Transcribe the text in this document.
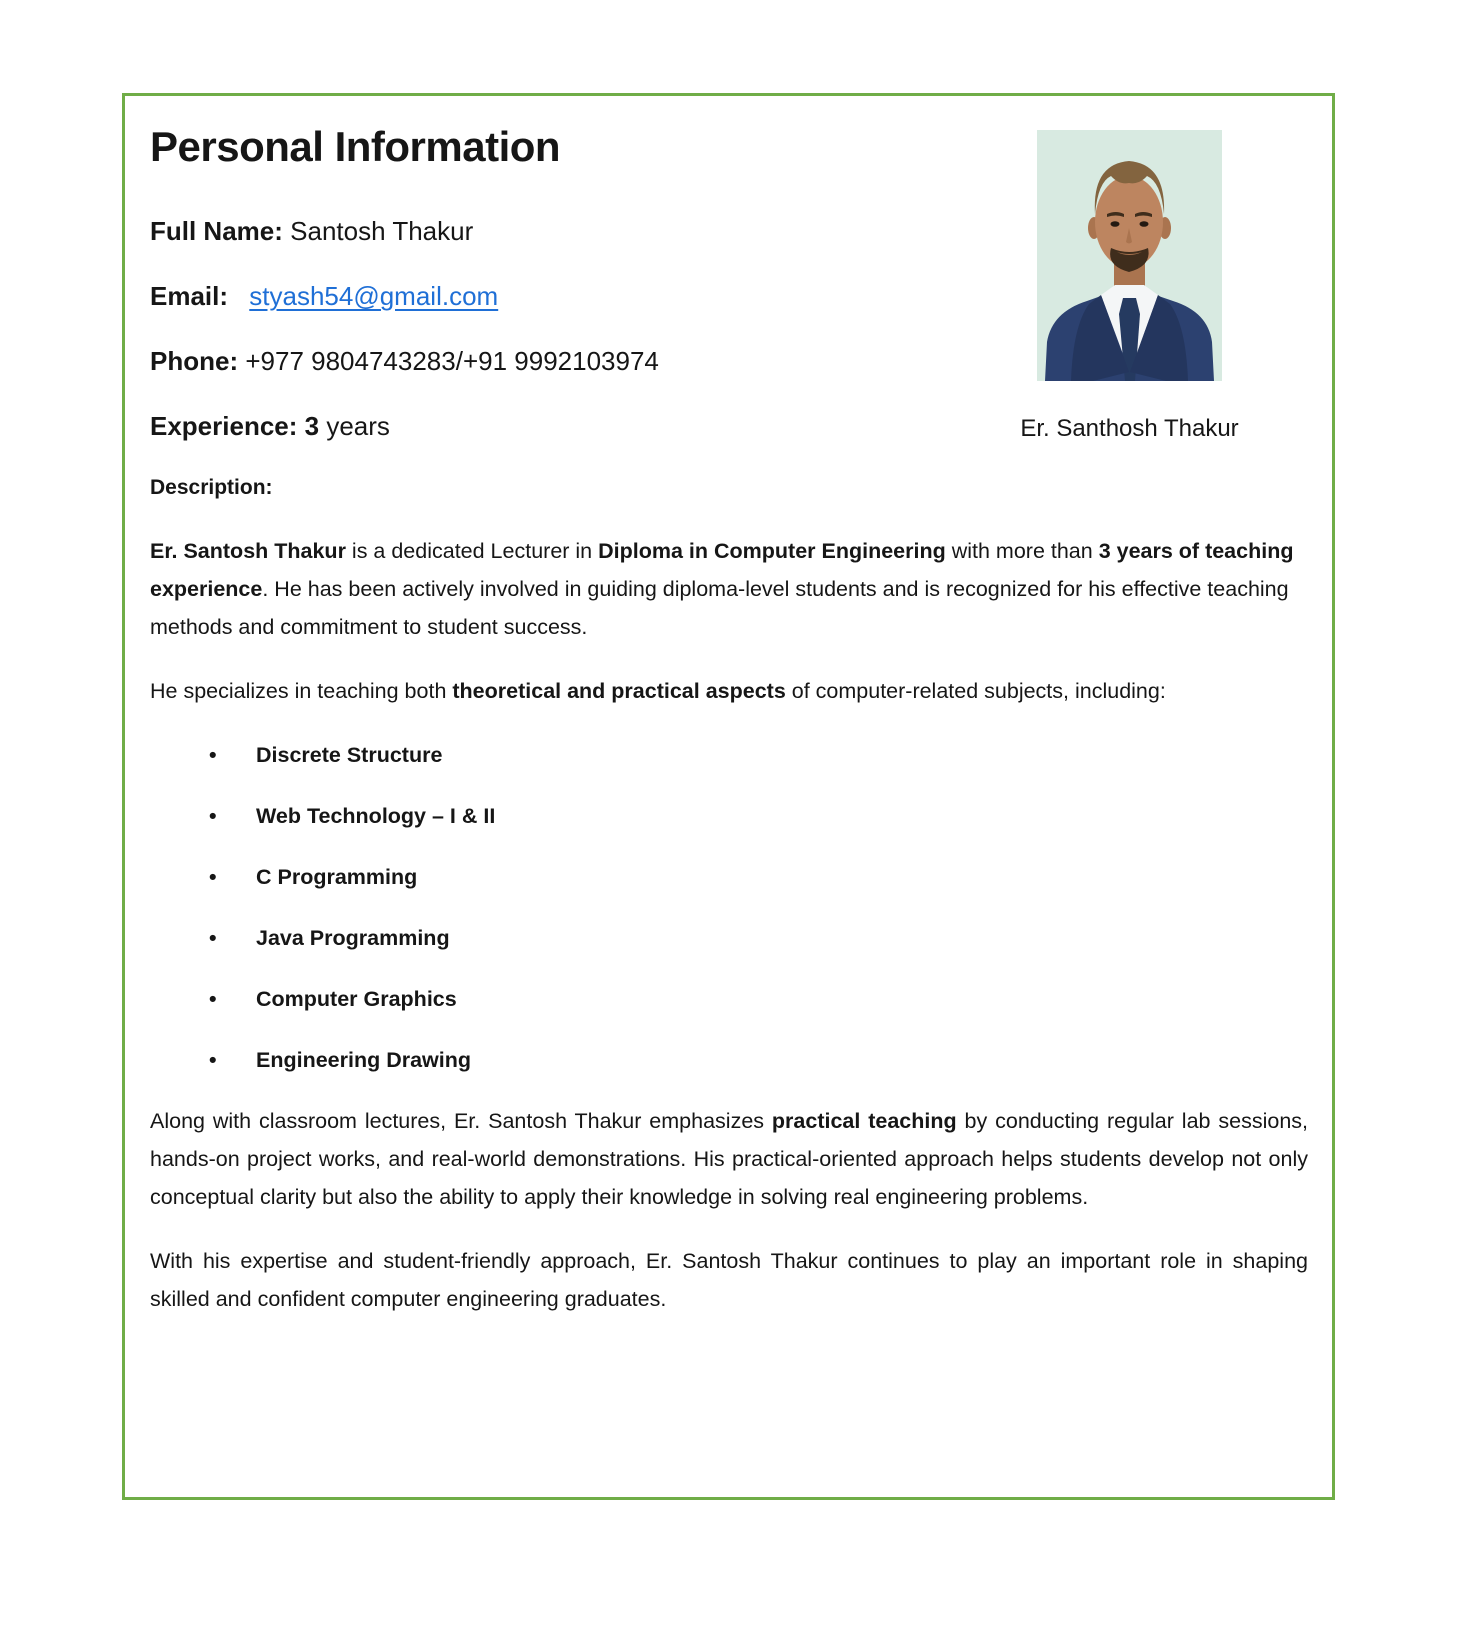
Er. Santhosh Thakur
Personal Information

Full Name: Santosh Thakur

Email: styash54@gmail.com

Phone: +977 9804743283/+91 9992103974

Experience: 3 years

Description:

Er. Santosh Thakur is a dedicated Lecturer in Diploma in Computer Engineering with more than 3 years of teaching experience. He has been actively involved in guiding diploma-level students and is recognized for his effective teaching methods and commitment to student success.

He specializes in teaching both theoretical and practical aspects of computer-related subjects, including:

• Discrete Structure
• Web Technology – I & II
• C Programming
• Java Programming
• Computer Graphics
• Engineering Drawing

Along with classroom lectures, Er. Santosh Thakur emphasizes practical teaching by conducting regular lab sessions, hands-on project works, and real-world demonstrations. His practical-oriented approach helps students develop not only conceptual clarity but also the ability to apply their knowledge in solving real engineering problems.

With his expertise and student-friendly approach, Er. Santosh Thakur continues to play an important role in shaping skilled and confident computer engineering graduates.
